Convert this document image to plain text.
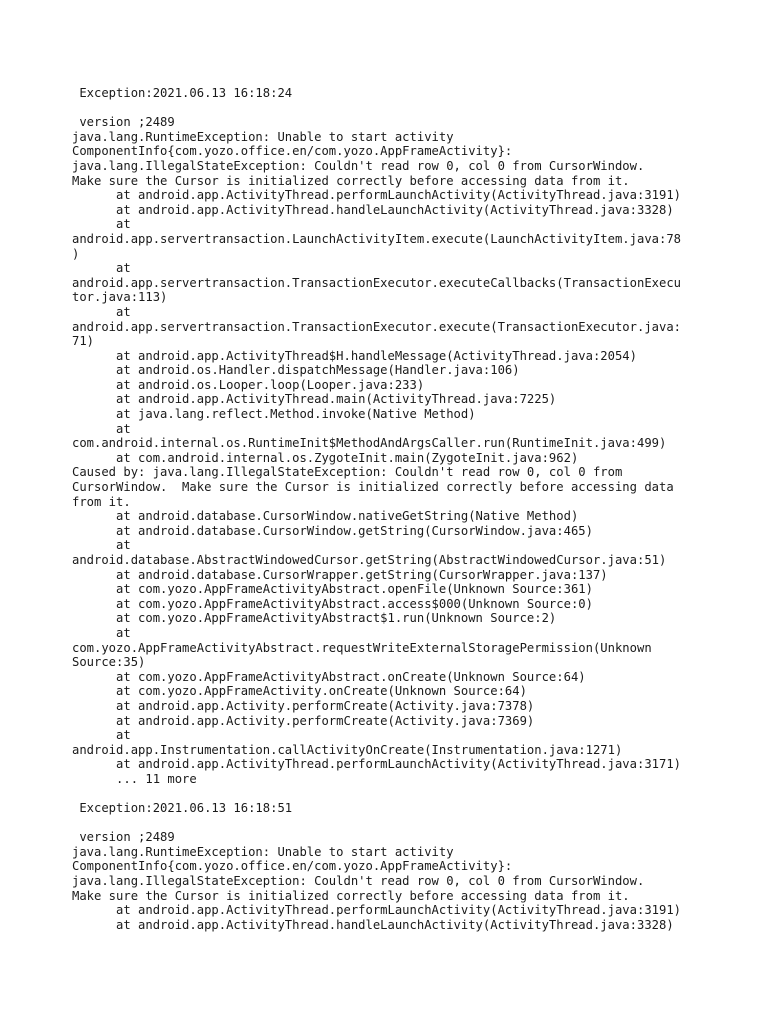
Exception:2021.06.13 16:18:24
version ;2489
java.lang.RuntimeException: Unable to start activity
ComponentInfo{com.yozo.office.en/com.yozo.AppFrameActivity}:
java.lang.IllegalStateException: Couldn't read row 0, col 0 from CursorWindow.
Make sure the Cursor is initialized correctly before accessing data from it.
at android.app.ActivityThread.performLaunchActivity(ActivityThread.java:3191)
at android.app.ActivityThread.handleLaunchActivity(ActivityThread.java:3328)
at
android.app.servertransaction.LaunchActivityItem.execute(LaunchActivityItem.java:78
)
at
android.app.servertransaction.TransactionExecutor.executeCallbacks(TransactionExecu
tor.java:113)
at
android.app.servertransaction.TransactionExecutor.execute(TransactionExecutor.java:
71)
at android.app.ActivityThread$H.handleMessage(ActivityThread.java:2054)
at android.os.Handler.dispatchMessage(Handler.java:106)
at android.os.Looper.loop(Looper.java:233)
at android.app.ActivityThread.main(ActivityThread.java:7225)
at java.lang.reflect.Method.invoke(Native Method)
at
com.android.internal.os.RuntimeInit$MethodAndArgsCaller.run(RuntimeInit.java:499)
at com.android.internal.os.ZygoteInit.main(ZygoteInit.java:962)
Caused by: java.lang.IllegalStateException: Couldn't read row 0, col 0 from
CursorWindow.  Make sure the Cursor is initialized correctly before accessing data
from it.
at android.database.CursorWindow.nativeGetString(Native Method)
at android.database.CursorWindow.getString(CursorWindow.java:465)
at
android.database.AbstractWindowedCursor.getString(AbstractWindowedCursor.java:51)
at android.database.CursorWrapper.getString(CursorWrapper.java:137)
at com.yozo.AppFrameActivityAbstract.openFile(Unknown Source:361)
at com.yozo.AppFrameActivityAbstract.access$000(Unknown Source:0)
at com.yozo.AppFrameActivityAbstract$1.run(Unknown Source:2)
at
com.yozo.AppFrameActivityAbstract.requestWriteExternalStoragePermission(Unknown
Source:35)
at com.yozo.AppFrameActivityAbstract.onCreate(Unknown Source:64)
at com.yozo.AppFrameActivity.onCreate(Unknown Source:64)
at android.app.Activity.performCreate(Activity.java:7378)
at android.app.Activity.performCreate(Activity.java:7369)
at
android.app.Instrumentation.callActivityOnCreate(Instrumentation.java:1271)
at android.app.ActivityThread.performLaunchActivity(ActivityThread.java:3171)
... 11 more
Exception:2021.06.13 16:18:51
version ;2489
java.lang.RuntimeException: Unable to start activity
ComponentInfo{com.yozo.office.en/com.yozo.AppFrameActivity}:
java.lang.IllegalStateException: Couldn't read row 0, col 0 from CursorWindow.
Make sure the Cursor is initialized correctly before accessing data from it.
at android.app.ActivityThread.performLaunchActivity(ActivityThread.java:3191)
at android.app.ActivityThread.handleLaunchActivity(ActivityThread.java:3328)
